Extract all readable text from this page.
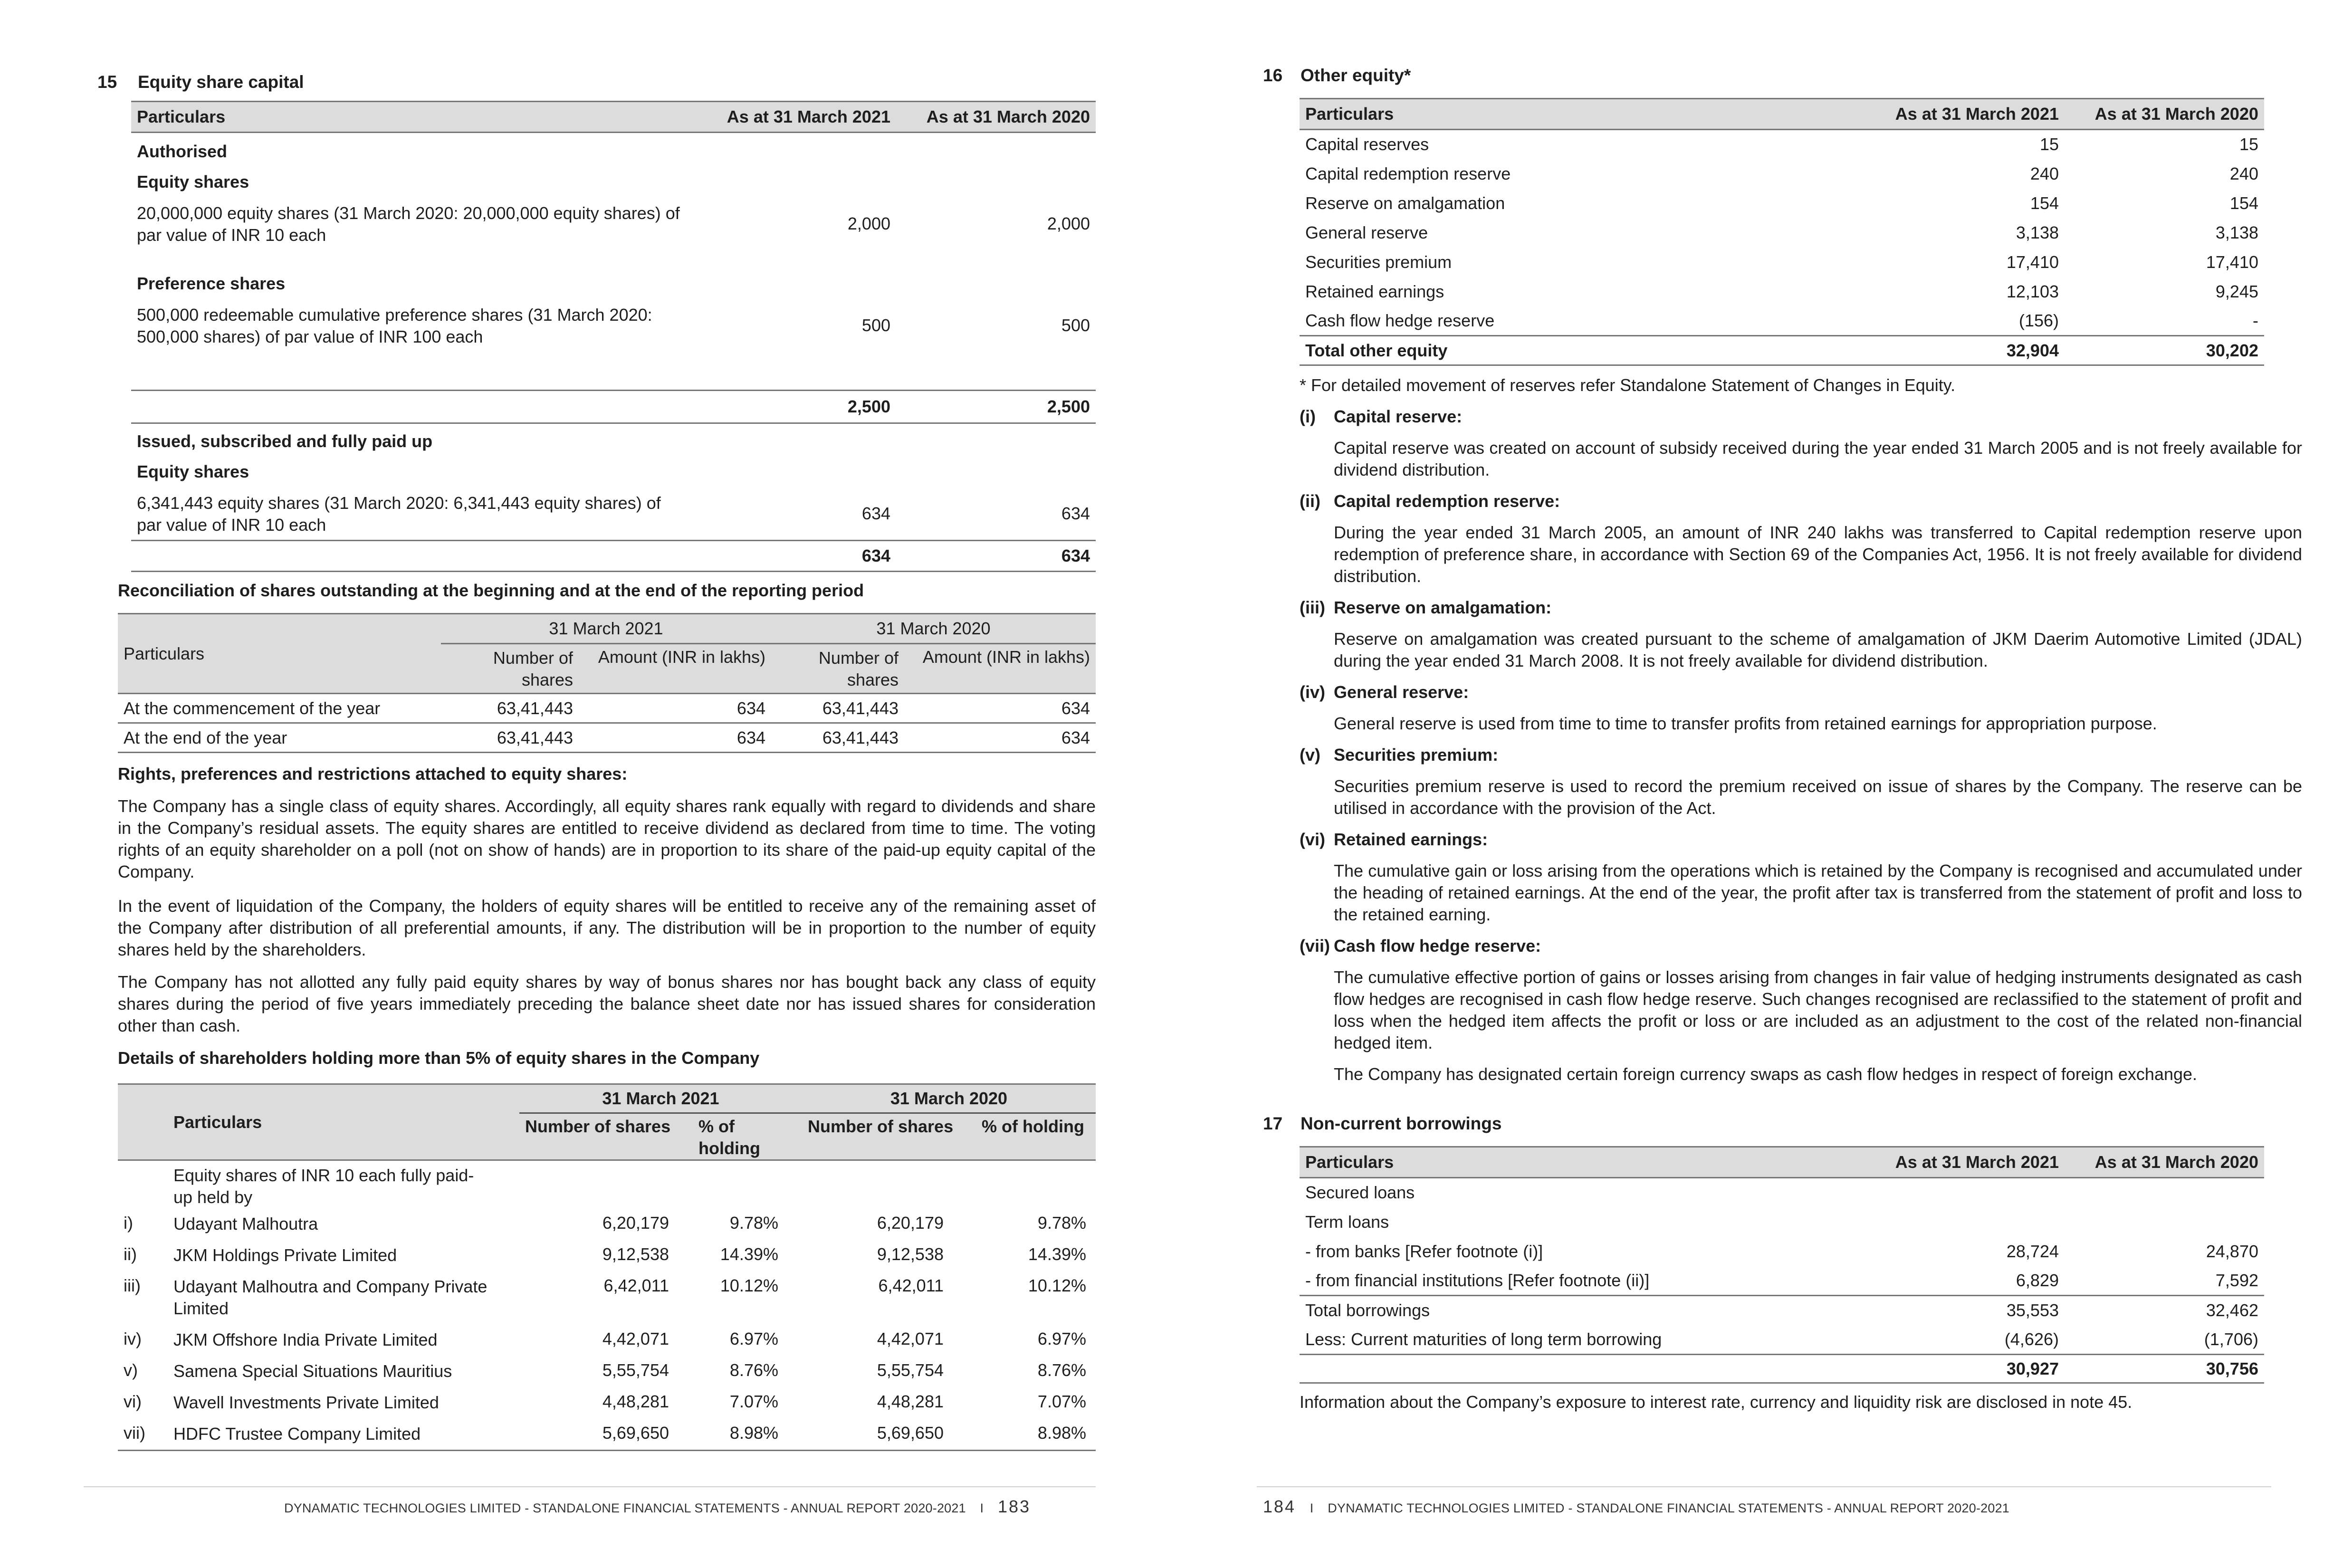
15 Equity share capital
Particulars	As at 31 March 2021	As at 31 March 2020
Authorised		
Equity shares		
20,000,000 equity shares (31 March 2020: 20,000,000 equity shares) of par value of INR 10 each	2,000	2,000
Preference shares		
500,000 redeemable cumulative preference shares (31 March 2020: 500,000 shares) of par value of INR 100 each	500	500

	2,500	2,500
Issued, subscribed and fully paid up		
Equity shares		
6,341,443 equity shares (31 March 2020: 6,341,443 equity shares) of par value of INR 10 each	634	634
	634	634
Reconciliation of shares outstanding at the beginning and at the end of the reporting period
Particulars	31 March 2021		31 March 2020	
	Number of shares	Amount (INR in lakhs)	Number of shares	Amount (INR in lakhs)
At the commencement of the year	63,41,443	634	63,41,443	634
At the end of the year	63,41,443	634	63,41,443	634
Rights, preferences and restrictions attached to equity shares:
The Company has a single class of equity shares. Accordingly, all equity shares rank equally with regard to dividends and share in the Company’s residual assets. The equity shares are entitled to receive dividend as declared from time to time. The voting rights of an equity shareholder on a poll (not on show of hands) are in proportion to its share of the paid-up equity capital of the Company.
In the event of liquidation of the Company, the holders of equity shares will be entitled to receive any of the remaining asset of the Company after distribution of all preferential amounts, if any. The distribution will be in proportion to the number of equity shares held by the shareholders.
The Company has not allotted any fully paid equity shares by way of bonus shares nor has bought back any class of equity shares during the period of five years immediately preceding the balance sheet date nor has issued shares for consideration other than cash.
Details of shareholders holding more than 5% of equity shares in the Company
	Particulars	31 March 2021		31 March 2020	
		Number of shares	% of holding	Number of shares	% of holding
	Equity shares of INR 10 each fully paid-up held by				
i)	Udayant Malhoutra	6,20,179	9.78%	6,20,179	9.78%
ii)	JKM Holdings Private Limited	9,12,538	14.39%	9,12,538	14.39%
iii)	Udayant Malhoutra and Company Private Limited	6,42,011	10.12%	6,42,011	10.12%
iv)	JKM Offshore India Private Limited	4,42,071	6.97%	4,42,071	6.97%
v)	Samena Special Situations Mauritius	5,55,754	8.76%	5,55,754	8.76%
vi)	Wavell Investments Private Limited	4,48,281	7.07%	4,48,281	7.07%
vii)	HDFC Trustee Company Limited	5,69,650	8.98%	5,69,650	8.98%
DYNAMATIC TECHNOLOGIES LIMITED - STANDALONE FINANCIAL STATEMENTS - ANNUAL REPORT 2020-2021 I 183
16 Other equity*
Particulars	As at 31 March 2021	As at 31 March 2020
Capital reserves	15	15
Capital redemption reserve	240	240
Reserve on amalgamation	154	154
General reserve	3,138	3,138
Securities premium	17,410	17,410
Retained earnings	12,103	9,245
Cash flow hedge reserve	(156)	-
Total other equity	32,904	30,202
* For detailed movement of reserves refer Standalone Statement of Changes in Equity.
(i)	Capital reserve:
Capital reserve was created on account of subsidy received during the year ended 31 March 2005 and is not freely available for dividend distribution.
(ii) Capital redemption reserve:
During the year ended 31 March 2005, an amount of INR 240 lakhs was transferred to Capital redemption reserve upon redemption of preference share, in accordance with Section 69 of the Companies Act, 1956. It is not freely available for dividend distribution.
(iii) Reserve on amalgamation:
Reserve on amalgamation was created pursuant to the scheme of amalgamation of JKM Daerim Automotive Limited (JDAL) during the year ended 31 March 2008. It is not freely available for dividend distribution.
(iv) General reserve:
General reserve is used from time to time to transfer profits from retained earnings for appropriation purpose.
(v) Securities premium:
Securities premium reserve is used to record the premium received on issue of shares by the Company. The reserve can be utilised in accordance with the provision of the Act.
(vi) Retained earnings:
The cumulative gain or loss arising from the operations which is retained by the Company is recognised and accumulated under the heading of retained earnings. At the end of the year, the profit after tax is transferred from the statement of profit and loss to the retained earning.
(vii) Cash flow hedge reserve:
The cumulative effective portion of gains or losses arising from changes in fair value of hedging instruments designated as cash flow hedges are recognised in cash flow hedge reserve. Such changes recognised are reclassified to the statement of profit and loss when the hedged item affects the profit or loss or are included as an adjustment to the cost of the related non-financial hedged item.
The Company has designated certain foreign currency swaps as cash flow hedges in respect of foreign exchange.
17 Non-current borrowings
Particulars	As at 31 March 2021	As at 31 March 2020
Secured loans		
Term loans		
- from banks [Refer footnote (i)]	28,724	24,870
- from financial institutions [Refer footnote (ii)]	6,829	7,592
Total borrowings	35,553	32,462
Less: Current maturities of long term borrowing	(4,626)	(1,706)
	30,927	30,756
Information about the Company’s exposure to interest rate, currency and liquidity risk are disclosed in note 45.
184 I DYNAMATIC TECHNOLOGIES LIMITED - STANDALONE FINANCIAL STATEMENTS - ANNUAL REPORT 2020-2021
